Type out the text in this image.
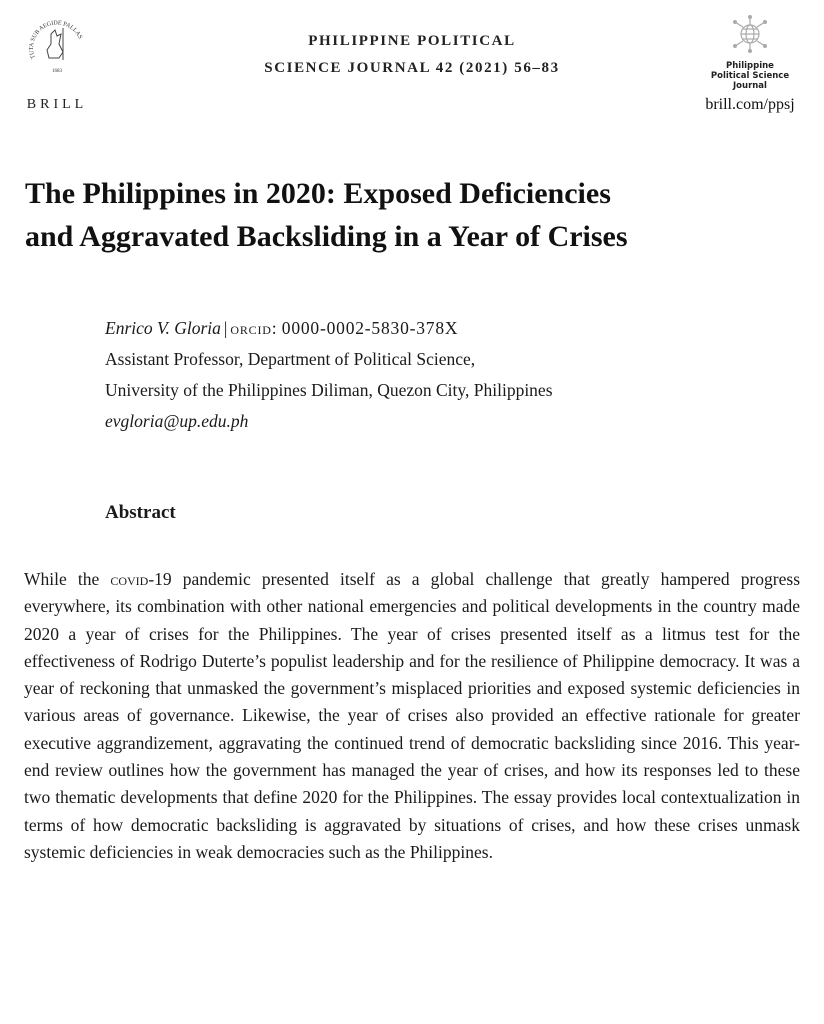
TUTA SUB AEGIDE PALLAS
1683
BRILL
PHILIPPINE POLITICAL
SCIENCE JOURNAL 42 (2021) 56–83	Philippine
Political Science
Journal
brill.com/ppsj
The Philippines in 2020: Exposed Deficiencies
and Aggravated Backsliding in a Year of Crises
Enrico V. Gloria | orcid: 0000-0002-5830-378X
Assistant Professor, Department of Political Science,
University of the Philippines Diliman, Quezon City, Philippines
evgloria@up.edu.ph
Abstract
While the covid-19 pandemic presented itself as a global challenge that greatly hampered progress everywhere, its combination with other national emergencies and political developments in the country made 2020 a year of crises for the Philippines. The year of crises presented itself as a litmus test for the effectiveness of Rodrigo Duterte’s populist leadership and for the resilience of Philippine democracy. It was a year of reckoning that unmasked the government’s misplaced priorities and exposed systemic deficiencies in various areas of governance. Likewise, the year of crises also provided an effective rationale for greater executive aggrandizement, aggravating the continued trend of democratic backsliding since 2016. This year-end review outlines how the government has managed the year of crises, and how its responses led to these two thematic developments that define 2020 for the Philippines. The essay provides local contextualization in terms of how democratic backsliding is aggravated by situations of crises, and how these crises unmask systemic deficiencies in weak democracies such as the Philippines.
